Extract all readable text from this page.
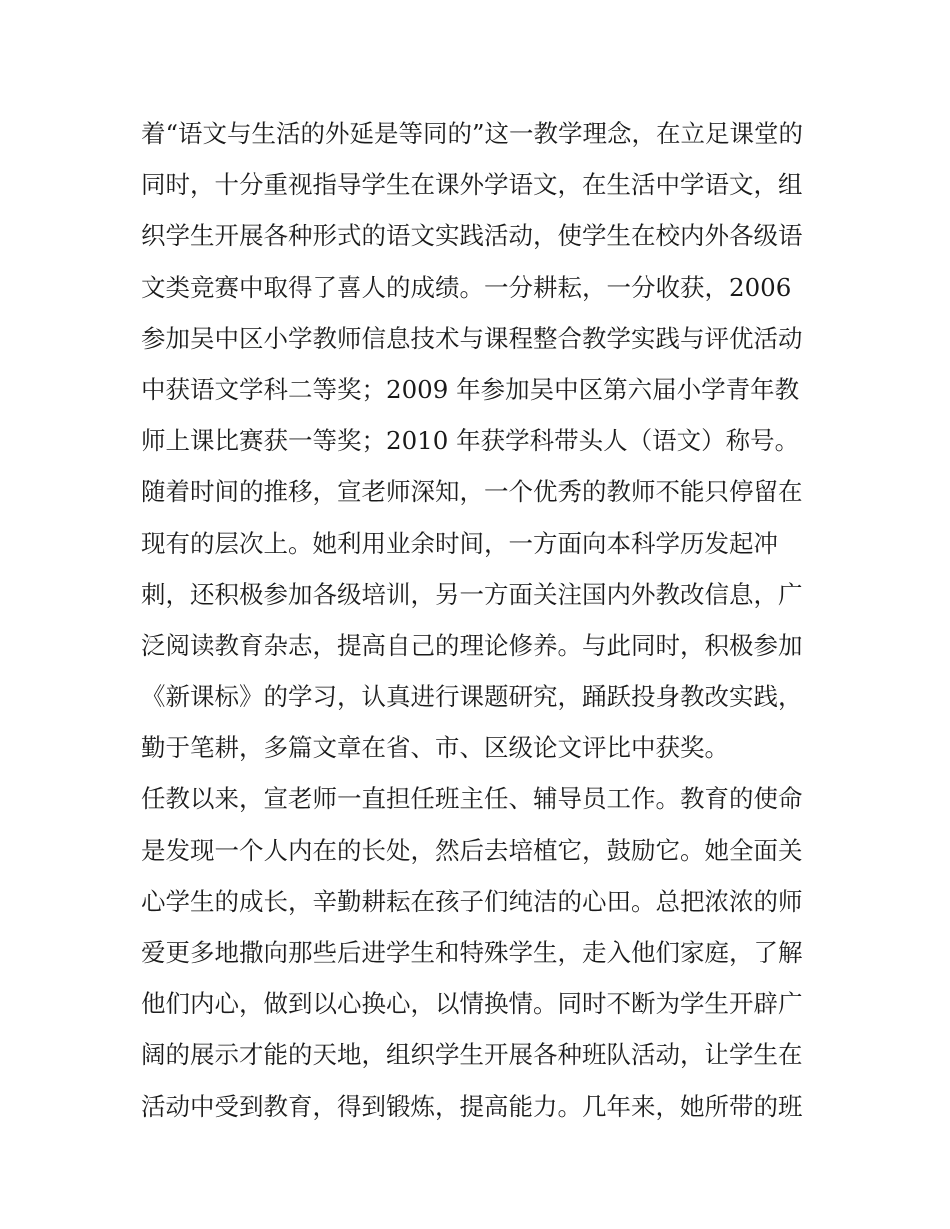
着“语文与生活的外延是等同的”这一教学理念，在立足课堂的
同时，十分重视指导学生在课外学语文，在生活中学语文，组
织学生开展各种形式的语文实践活动，使学生在校内外各级语
文类竞赛中取得了喜人的成绩。一分耕耘，一分收获，2006
参加吴中区小学教师信息技术与课程整合教学实践与评优活动
中获语文学科二等奖；2009 年参加吴中区第六届小学青年教
师上课比赛获一等奖；2010 年获学科带头人（语文）称号。
随着时间的推移，宣老师深知，一个优秀的教师不能只停留在
现有的层次上。她利用业余时间，一方面向本科学历发起冲
刺，还积极参加各级培训，另一方面关注国内外教改信息，广
泛阅读教育杂志，提高自己的理论修养。与此同时，积极参加
《新课标》的学习，认真进行课题研究，踊跃投身教改实践，
勤于笔耕，多篇文章在省、市、区级论文评比中获奖。
任教以来，宣老师一直担任班主任、辅导员工作。教育的使命
是发现一个人内在的长处，然后去培植它，鼓励它。她全面关
心学生的成长，辛勤耕耘在孩子们纯洁的心田。总把浓浓的师
爱更多地撒向那些后进学生和特殊学生，走入他们家庭，了解
他们内心，做到以心换心，以情换情。同时不断为学生开辟广
阔的展示才能的天地，组织学生开展各种班队活动，让学生在
活动中受到教育，得到锻炼，提高能力。几年来，她所带的班
